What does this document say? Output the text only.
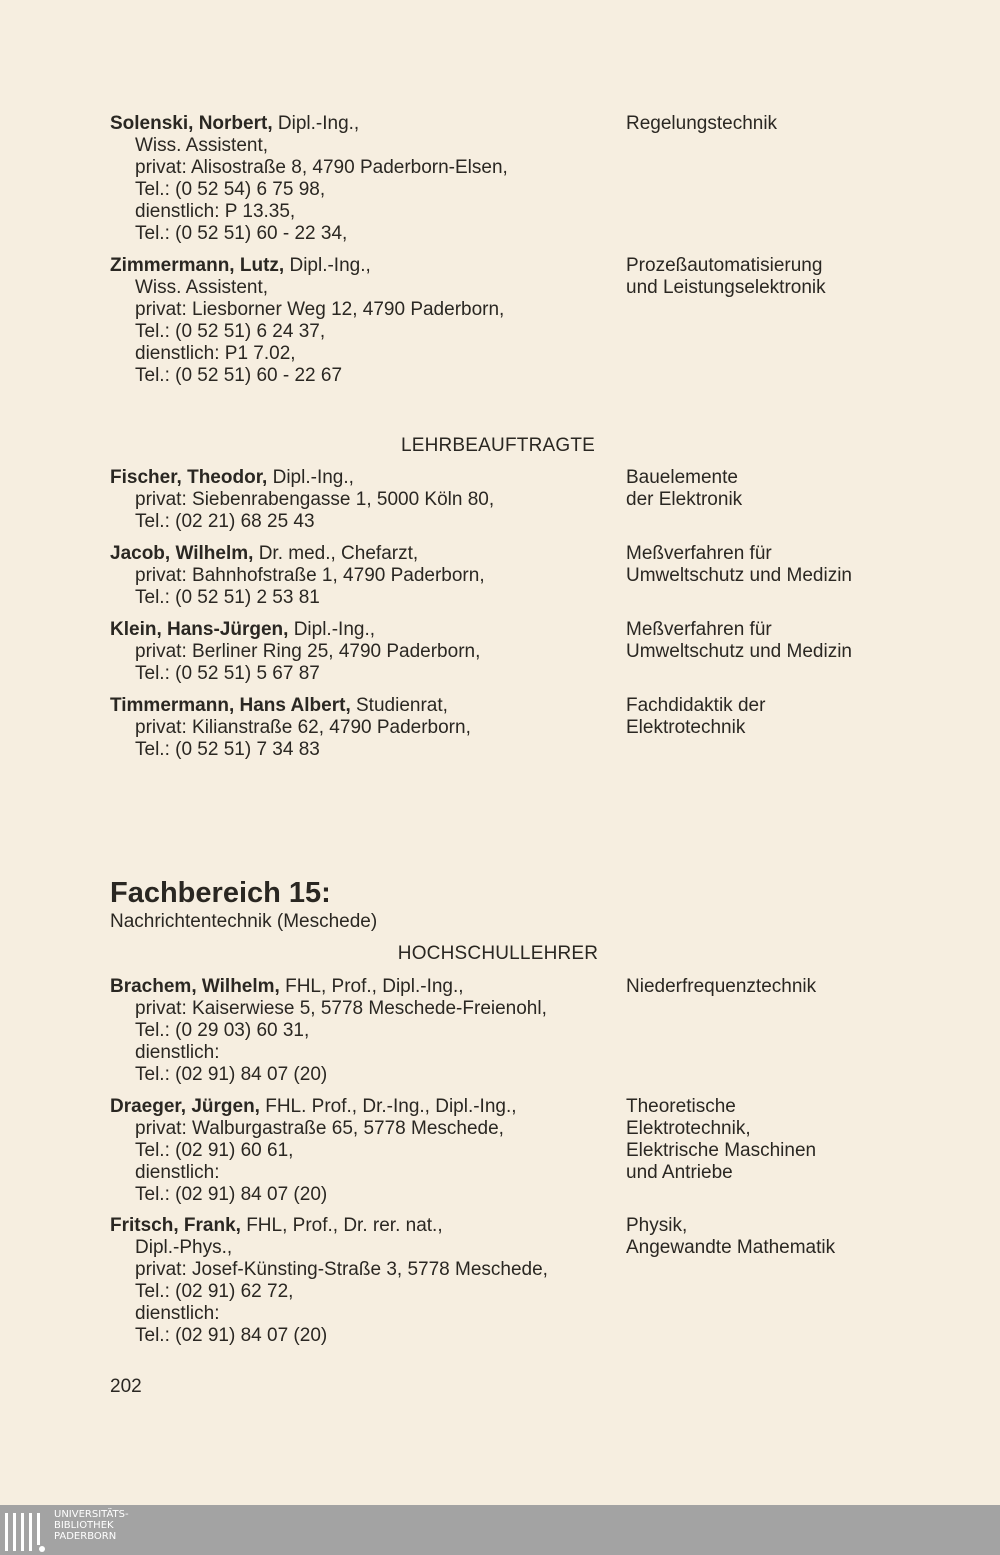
Solenski, Norbert, Dipl.-Ing.,
Wiss. Assistent,
privat: Alisostraße 8, 4790 Paderborn-Elsen,
Tel.: (0 52 54) 6 75 98,
dienstlich: P 13.35,
Tel.: (0 52 51) 60 - 22 34,
Regelungstechnik
Zimmermann, Lutz, Dipl.-Ing.,
Wiss. Assistent,
privat: Liesborner Weg 12, 4790 Paderborn,
Tel.: (0 52 51) 6 24 37,
dienstlich: P1 7.02,
Tel.: (0 52 51) 60 - 22 67
Prozeßautomatisierung
und Leistungselektronik
LEHRBEAUFTRAGTE
Fischer, Theodor, Dipl.-Ing.,
privat: Siebenrabengasse 1, 5000 Köln 80,
Tel.: (02 21) 68 25 43
Bauelemente
der Elektronik
Jacob, Wilhelm, Dr. med., Chefarzt,
privat: Bahnhofstraße 1, 4790 Paderborn,
Tel.: (0 52 51) 2 53 81
Meßverfahren für
Umweltschutz und Medizin
Klein, Hans-Jürgen, Dipl.-Ing.,
privat: Berliner Ring 25, 4790 Paderborn,
Tel.: (0 52 51) 5 67 87
Meßverfahren für
Umweltschutz und Medizin
Timmermann, Hans Albert, Studienrat,
privat: Kilianstraße 62, 4790 Paderborn,
Tel.: (0 52 51) 7 34 83
Fachdidaktik der
Elektrotechnik
Fachbereich 15:
Nachrichtentechnik (Meschede)
HOCHSCHULLEHRER
Brachem, Wilhelm, FHL, Prof., Dipl.-Ing.,
privat: Kaiserwiese 5, 5778 Meschede-Freienohl,
Tel.: (0 29 03) 60 31,
dienstlich:
Tel.: (02 91) 84 07 (20)
Niederfrequenztechnik
Draeger, Jürgen, FHL. Prof., Dr.-Ing., Dipl.-Ing.,
privat: Walburgastraße 65, 5778 Meschede,
Tel.: (02 91) 60 61,
dienstlich:
Tel.: (02 91) 84 07 (20)
Theoretische
Elektrotechnik,
Elektrische Maschinen
und Antriebe
Fritsch, Frank, FHL, Prof., Dr. rer. nat.,
Dipl.-Phys.,
privat: Josef-Künsting-Straße 3, 5778 Meschede,
Tel.: (02 91) 62 72,
dienstlich:
Tel.: (02 91) 84 07 (20)
Physik,
Angewandte Mathematik
202
UNIVERSITÄTS-
BIBLIOTHEK
PADERBORN
